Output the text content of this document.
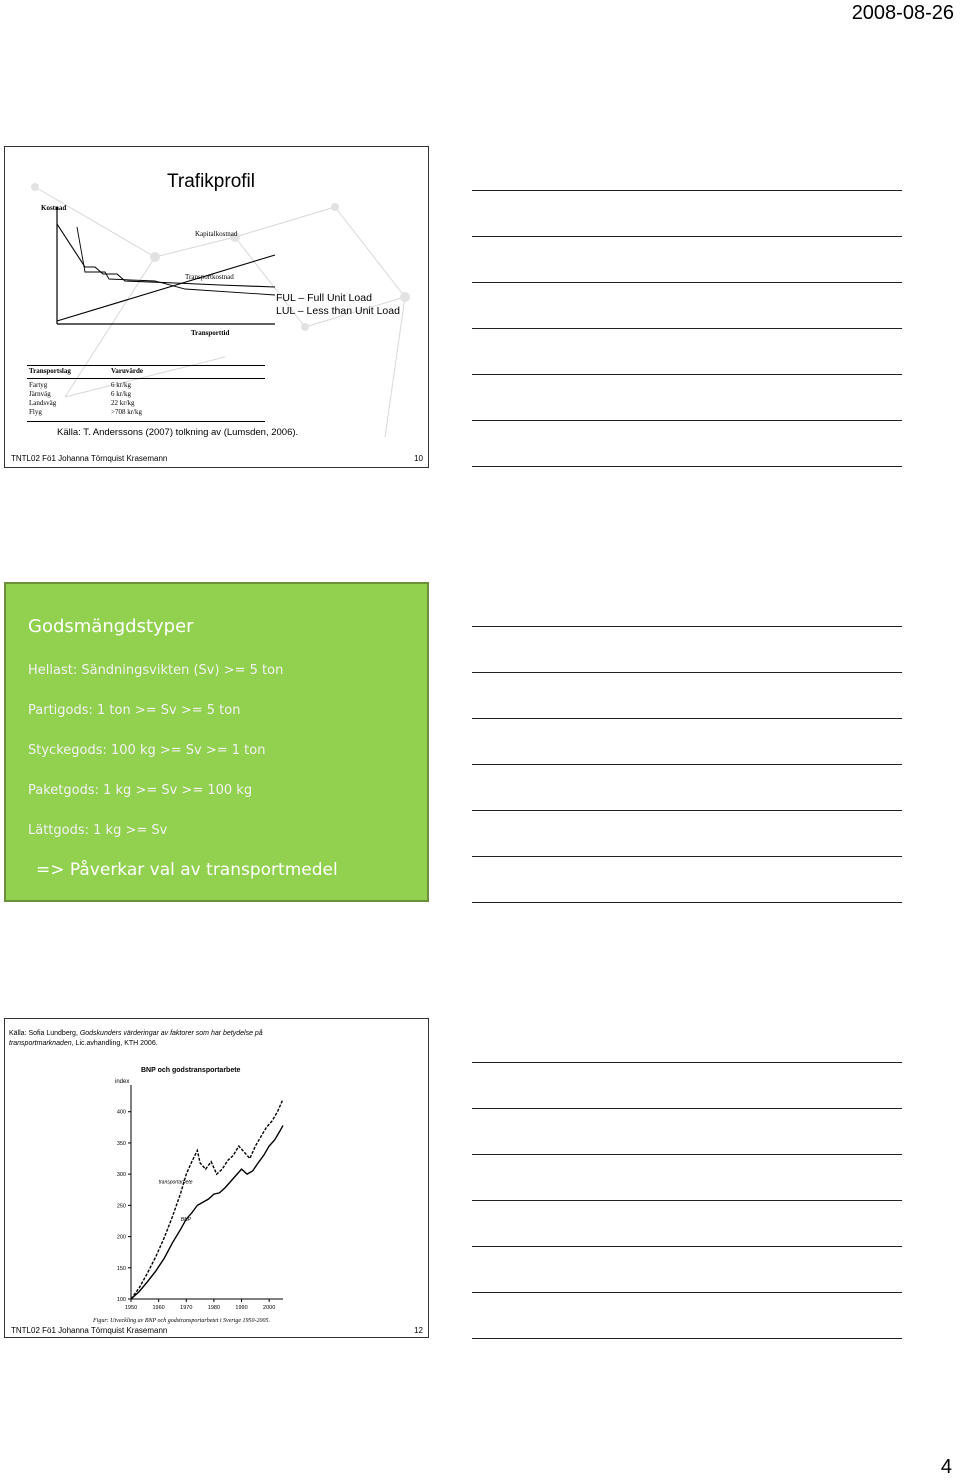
2008-08-26
4
Trafikprofil
Kostnad
Transporttid
Kapitalkostnad
Transportkostnad
FUL – Full Unit Load
LUL – Less than Unit Load
Transportslag	Varuvärde
Fartyg	6 kr/kg
Järnväg	6 kr/kg
Landsväg	22 kr/kg
Flyg	>708 kr/kg
Källa: T. Anderssons (2007) tolkning av (Lumsden, 2006).
TNTL02 Fö1 Johanna Törnquist Krasemann	10
Godsmängdstyper
Hellast: Sändningsvikten (Sv) >= 5 ton
Partigods: 1 ton >= Sv >= 5 ton
Styckegods: 100 kg >= Sv >= 1 ton
Paketgods: 1 kg >= Sv >= 100 kg
Lättgods: 1 kg >= Sv
=> Påverkar val av transportmedel
Källa: Sofia Lundberg, Godskunders värderingar av faktorer som har betydelse på transportmarknaden, Lic.avhandling, KTH 2006.
index
100
150
200
250
300
350
400
1950	1960	1970	1980	1990	2000
transportarbete
BNP
BNP och godstransportarbete
Figur: Utveckling av BNP och godstransportarbetet i Sverige 1950-2005.
TNTL02 Fö1 Johanna Törnquist Krasemann	12
